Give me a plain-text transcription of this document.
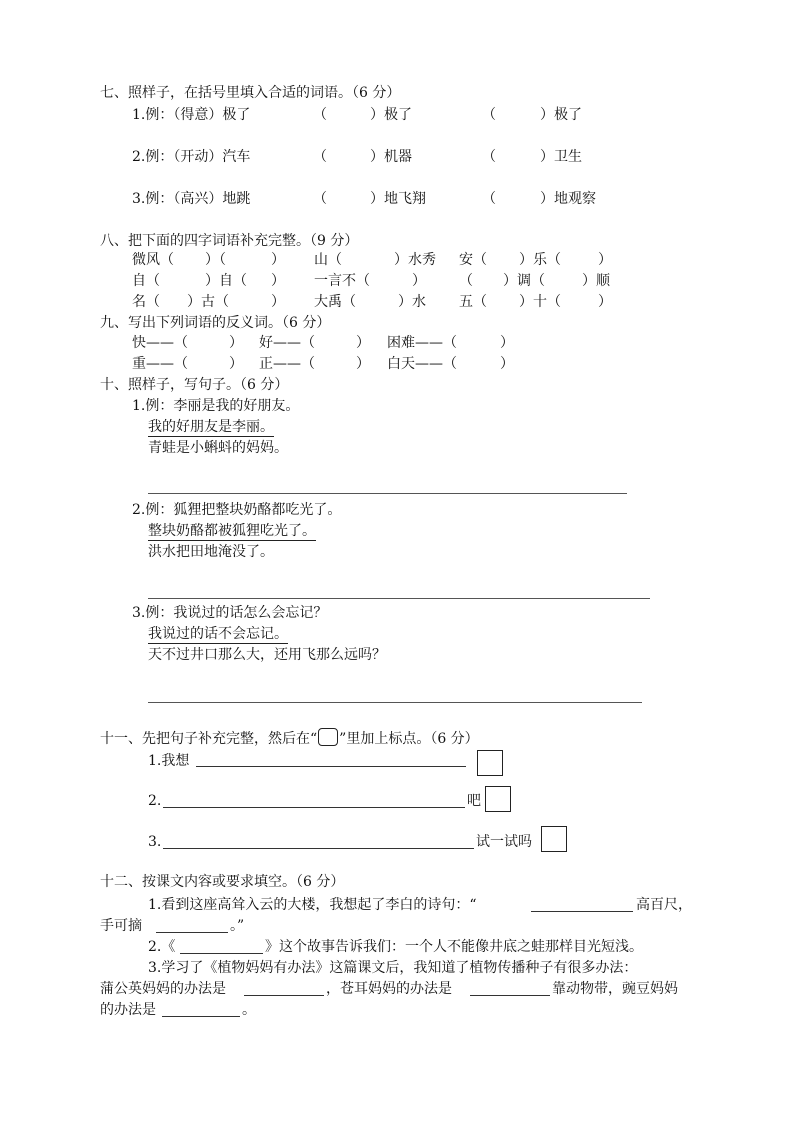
七、照样子，在括号里填入合适的词语。（6 分）
1.例：（得意）极了	（	）极了	（	）极了
2.例：（开动）汽车	（	）机器	（	）卫生
3.例：（高兴）地跳	（	）地飞翔	（	）地观察
八、把下面的四字词语补充完整。（9 分）
微风（ ）（	） 山（	）水秀 安（ ）乐（	）
自（	）自（ ） 一言不（	） （ ）调（	）顺
名（ ）古（	） 大禹（	）水 五（ ）十（	）
九、写出下列词语的反义词。（6 分）
快——（	） 好——（	） 困难——（	）
重——（	） 正——（	） 白天——（	）
十、照样子，写句子。（6 分）
1.例：李丽是我的好朋友。
我的好朋友是李丽。
青蛙是小蝌蚪的妈妈。
2.例：狐狸把整块奶酪都吃光了。
整块奶酪都被狐狸吃光了。
洪水把田地淹没了。
3.例：我说过的话怎么会忘记？
我说过的话不会忘记。
天不过井口那么大，还用飞那么远吗？
十一、先把句子补充完整，然后在“ ”里加上标点。（6 分）
1.我想
2.	吧
3.	试一试吗
十二、按课文内容或要求填空。（6 分）
1.看到这座高耸入云的大楼，我想起了李白的诗句：“	高百尺，
手可摘	。”
2.《	》这个故事告诉我们：一个人不能像井底之蛙那样目光短浅。
3.学习了《植物妈妈有办法》这篇课文后，我知道了植物传播种子有很多办法：
蒲公英妈妈的办法是	，苍耳妈妈的办法是	靠动物带，豌豆妈妈
的办法是	。
